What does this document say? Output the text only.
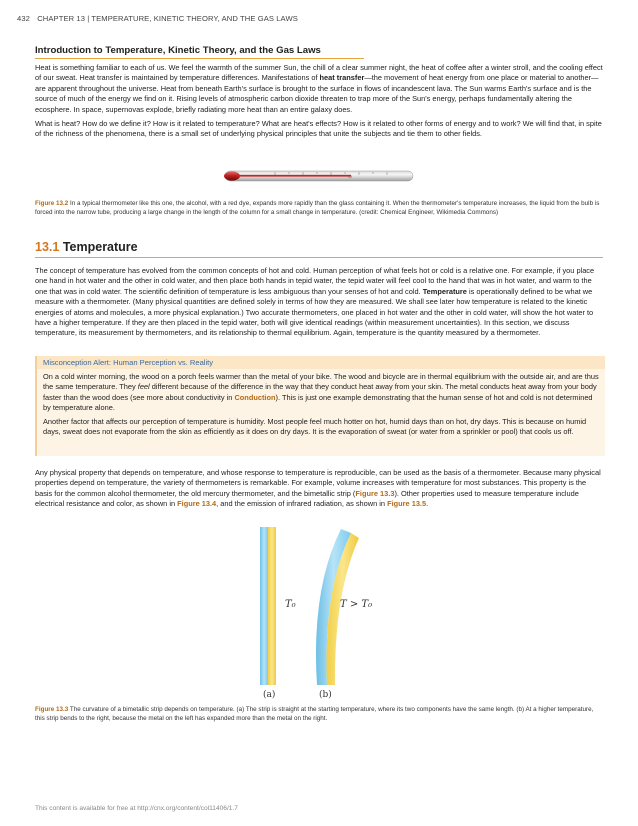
432 CHAPTER 13 | TEMPERATURE, KINETIC THEORY, AND THE GAS LAWS
Introduction to Temperature, Kinetic Theory, and the Gas Laws

Heat is something familiar to each of us. We feel the warmth of the summer Sun, the chill of a clear summer night, the heat of coffee after a winter stroll, and the cooling effect of our sweat. Heat transfer is maintained by temperature differences. Manifestations of heat transfer—the movement of heat energy from one place or material to another—are apparent throughout the universe. Heat from beneath Earth's surface is brought to the surface in flows of incandescent lava. The Sun warms Earth's surface and is the source of much of the energy we find on it. Rising levels of atmospheric carbon dioxide threaten to trap more of the Sun's energy, perhaps fundamentally altering the ecosphere. In space, supernovas explode, briefly radiating more heat than an entire galaxy does.

What is heat? How do we define it? How is it related to temperature? What are heat's effects? How is it related to other forms of energy and to work? We will find that, in spite of the richness of the phenomena, there is a small set of underlying physical principles that unite the subjects and tie them to other fields.

Figure 13.2 In a typical thermometer like this one, the alcohol, with a red dye, expands more rapidly than the glass containing it. When the thermometer's temperature increases, the liquid from the bulb is forced into the narrow tube, producing a large change in the length of the column for a small change in temperature. (credit: Chemical Engineer, Wikimedia Commons)
13.1 Temperature

The concept of temperature has evolved from the common concepts of hot and cold. Human perception of what feels hot or cold is a relative one. For example, if you place one hand in hot water and the other in cold water, and then place both hands in tepid water, the tepid water will feel cool to the hand that was in hot water, and warm to the one that was in cold water. The scientific definition of temperature is less ambiguous than your senses of hot and cold. Temperature is operationally defined to be what we measure with a thermometer. (Many physical quantities are defined solely in terms of how they are measured. We shall see later how temperature is related to the kinetic energies of atoms and molecules, a more physical explanation.) Two accurate thermometers, one placed in hot water and the other in cold water, will show the hot water to have a higher temperature. If they are then placed in the tepid water, both will give identical readings (within measurement uncertainties). In this section, we discuss temperature, its measurement by thermometers, and its relationship to thermal equilibrium. Again, temperature is the quantity measured by a thermometer.

Misconception Alert: Human Perception vs. Reality

On a cold winter morning, the wood on a porch feels warmer than the metal of your bike. The wood and bicycle are in thermal equilibrium with the outside air, and are thus the same temperature. They feel different because of the difference in the way that they conduct heat away from your skin. The metal conducts heat away from your body faster than the wood does (see more about conductivity in Conduction). This is just one example demonstrating that the human sense of hot and cold is not determined by temperature alone.

Another factor that affects our perception of temperature is humidity. Most people feel much hotter on hot, humid days than on hot, dry days. This is because on humid days, sweat does not evaporate from the skin as efficiently as it does on dry days. It is the evaporation of sweat (or water from a sprinkler or pool) that cools us off.

Any physical property that depends on temperature, and whose response to temperature is reproducible, can be used as the basis of a thermometer. Because many physical properties depend on temperature, the variety of thermometers is remarkable. For example, volume increases with temperature for most substances. This property is the basis for the common alcohol thermometer, the old mercury thermometer, and the bimetallic strip (Figure 13.3). Other properties used to measure temperature include electrical resistance and color, as shown in Figure 13.4, and the emission of infrared radiation, as shown in Figure 13.5.

T₀	T > T₀
(a)	(b)
Figure 13.3 The curvature of a bimetallic strip depends on temperature. (a) The strip is straight at the starting temperature, where its two components have the same length. (b) At a higher temperature, this strip bends to the right, because the metal on the left has expanded more than the metal on the right.
This content is available for free at http://cnx.org/content/col11406/1.7
